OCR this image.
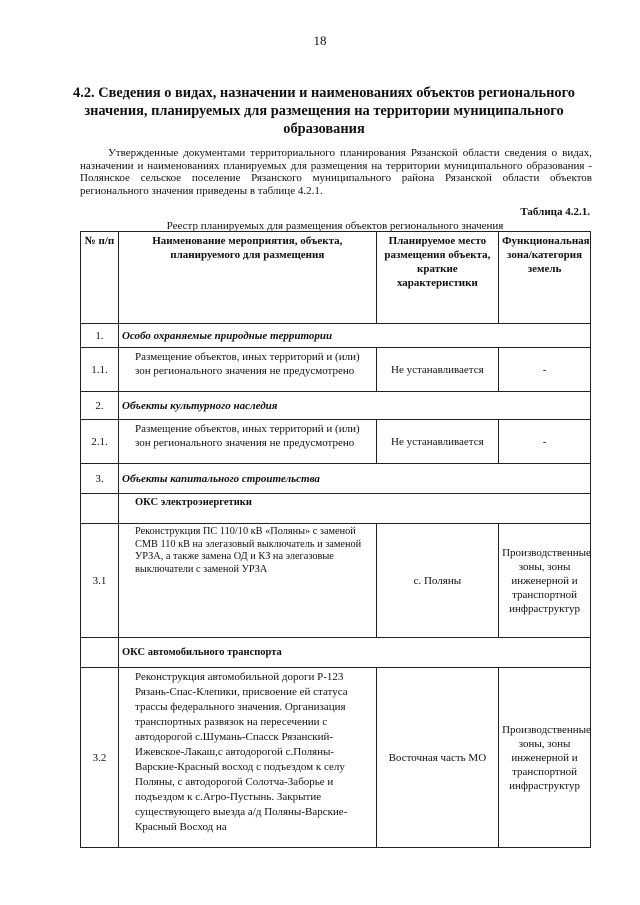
18
4.2. Сведения о видах, назначении и наименованиях объектов регионального значения, планируемых для размещения на территории муниципального образования

Утвержденные документами территориального планирования Рязанской области сведения о видах, назначении и наименованиях планируемых для размещения на территории муниципального образования - Полянское сельское поселение Рязанского муниципального района Рязанской области объектов регионального значения приведены в таблице 4.2.1.

Таблица 4.2.1.
Реестр планируемых для размещения объектов регионального значения
№ п/п	Наименование мероприятия, объекта, планируемого для размещения	Планируемое место размещения объекта, краткие характеристики	Функциональная зона/категория земель
1.	Особо охраняемые природные территории		
1.1.	Размещение объектов, иных территорий и (или) зон регионального значения не предусмотрено	Не устанавливается	-
2.	Объекты культурного наследия		
2.1.	Размещение объектов, иных территорий и (или) зон регионального значения не предусмотрено	Не устанавливается	-
3.	Объекты капитального строительства		
	ОКС электроэнергетики		
3.1	Реконструкция ПС 110/10 кВ «Поляны» с заменой СМВ 110 кВ на элегазовый выключатель и заменой УРЗА, а также замена ОД и КЗ на элегазовые выключатели с заменой УРЗА	с. Поляны	Производственные зоны, зоны инженерной и транспортной инфраструктур
	ОКС автомобильного транспорта		
3.2	Реконструкция автомобильной дороги Р-123 Рязань-Спас-Клепики, присвоение ей статуса трассы федерального значения. Организация транспортных развязок на пересечении с автодорогой с.Шумань-Спасск Рязанский-Ижевское-Лакаш,с автодорогой с.Поляны-Варские-Красный восход с подъездом к селу Поляны, с автодорогой Солотча-Заборье и подъездом к с.Агро-Пустынь. Закрытие существующего выезда а/д Поляны-Варские-Красный Восход на	Восточная часть МО	Производственные зоны, зоны инженерной и транспортной инфраструктур
